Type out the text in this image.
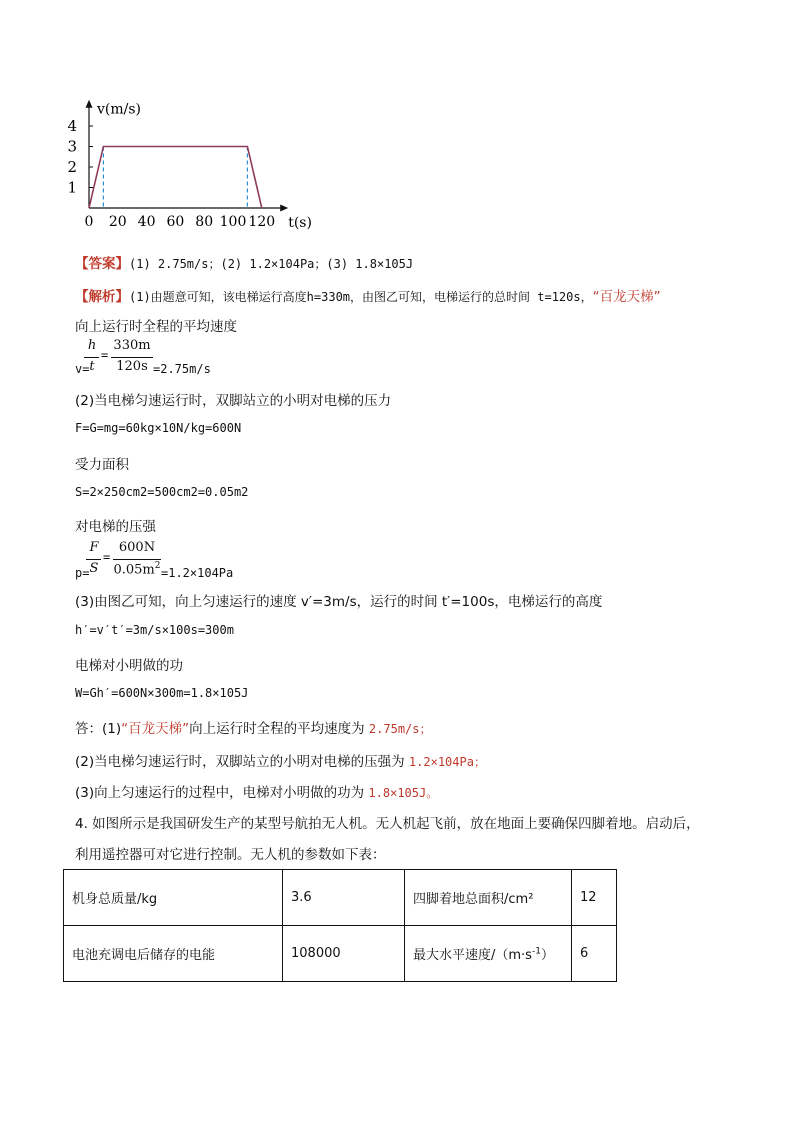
1
2
3
4
0 20 40 60 80 100 120
v(m/s)
t(s)
【答案】(1) 2.75m/s；(2) 1.2×104Pa；(3) 1.8×105J
【解析】(1)由题意可知，该电梯运行高度h=330m，由图乙可知，电梯运行的总时间 t=120s，“百龙天梯”
向上运行时全程的平均速度
h
t
=
330m
120s
v=	=2.75m/s
(2)当电梯匀速运行时，双脚站立的小明对电梯的压力
F=G=mg=60kg×10N/kg=600N
受力面积
S=2×250cm2=500cm2=0.05m2
对电梯的压强
F
S
=
600N
$0.05m^2$
p=	=1.2×104Pa
(3)由图乙可知，向上匀速运行的速度 v′=3m/s，运行的时间 t′=100s，电梯运行的高度
h′=v′t′=3m/s×100s=300m
电梯对小明做的功
W=Gh′=600N×300m=1.8×105J
答：(1)“百龙天梯”向上运行时全程的平均速度为 2.75m/s；
(2)当电梯匀速运行时，双脚站立的小明对电梯的压强为 1.2×104Pa；
(3)向上匀速运行的过程中，电梯对小明做的功为 1.8×105J。
4. 如图所示是我国研发生产的某型号航拍无人机。无人机起飞前，放在地面上要确保四脚着地。启动后，
利用遥控器可对它进行控制。无人机的参数如下表：
机身总质量/kg	3.6	四脚着地总面积/cm²	12
电池充调电后储存的电能	108000	最大水平速度$/(m\cdot s^{-1})$	6
